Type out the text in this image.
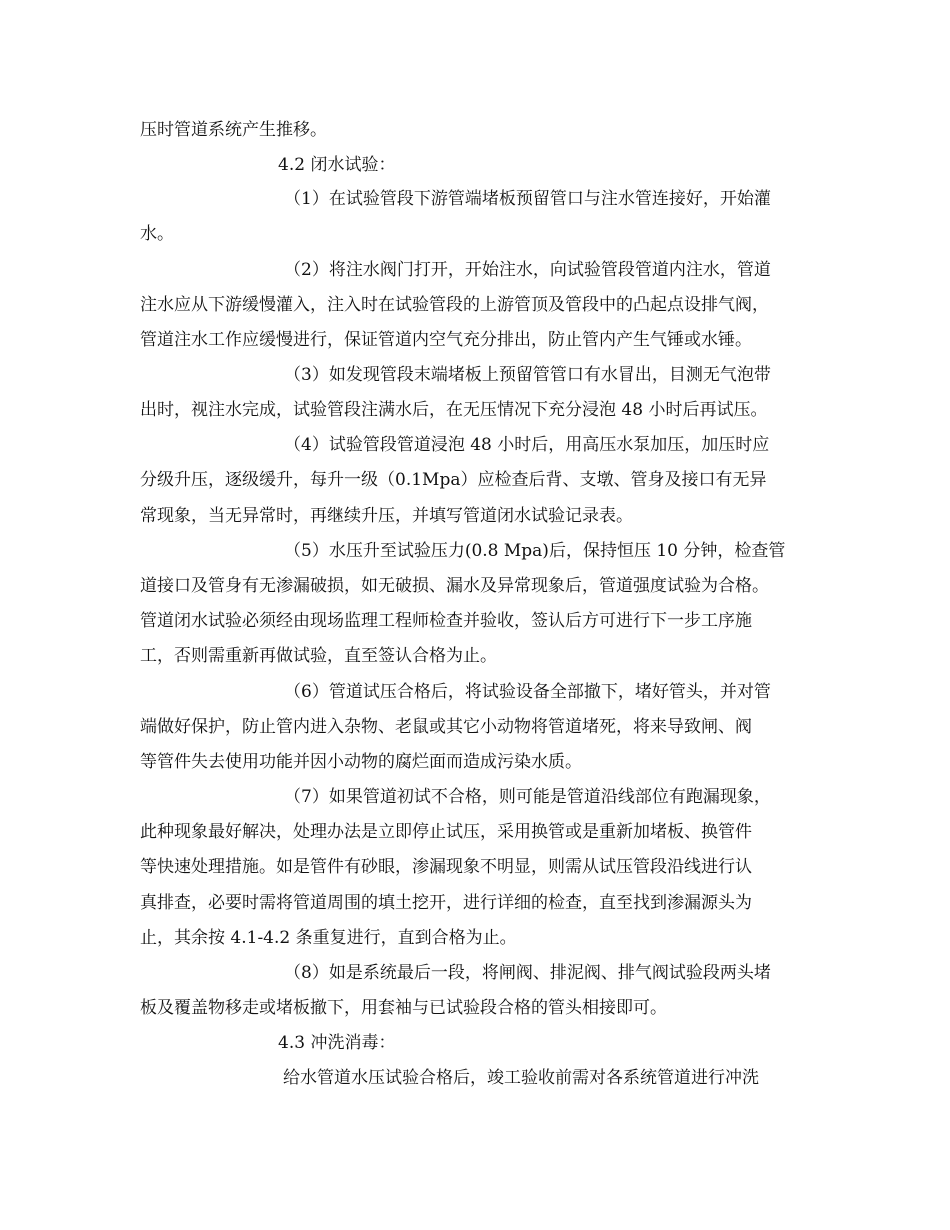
压时管道系统产生推移。
4.2 闭水试验：
（1）在试验管段下游管端堵板预留管口与注水管连接好，开始灌
水。
（2）将注水阀门打开，开始注水，向试验管段管道内注水，管道
注水应从下游缓慢灌入，注入时在试验管段的上游管顶及管段中的凸起点设排气阀，
管道注水工作应缓慢进行，保证管道内空气充分排出，防止管内产生气锤或水锤。
（3）如发现管段末端堵板上预留管管口有水冒出，目测无气泡带
出时，视注水完成，试验管段注满水后，在无压情况下充分浸泡 48 小时后再试压。
（4）试验管段管道浸泡 48 小时后，用高压水泵加压，加压时应
分级升压，逐级缓升，每升一级（0.1Mpa）应检查后背、支墩、管身及接口有无异
常现象，当无异常时，再继续升压，并填写管道闭水试验记录表。
（5）水压升至试验压力(0.8 Mpa)后，保持恒压 10 分钟，检查管
道接口及管身有无渗漏破损，如无破损、漏水及异常现象后，管道强度试验为合格。
管道闭水试验必须经由现场监理工程师检查并验收，签认后方可进行下一步工序施
工，否则需重新再做试验，直至签认合格为止。
（6）管道试压合格后，将试验设备全部撤下，堵好管头，并对管
端做好保护，防止管内进入杂物、老鼠或其它小动物将管道堵死，将来导致闸、阀
等管件失去使用功能并因小动物的腐烂面而造成污染水质。
（7）如果管道初试不合格，则可能是管道沿线部位有跑漏现象，
此种现象最好解决，处理办法是立即停止试压，采用换管或是重新加堵板、换管件
等快速处理措施。如是管件有砂眼，渗漏现象不明显，则需从试压管段沿线进行认
真排查，必要时需将管道周围的填土挖开，进行详细的检查，直至找到渗漏源头为
止，其余按 4.1-4.2 条重复进行，直到合格为止。
（8）如是系统最后一段，将闸阀、排泥阀、排气阀试验段两头堵
板及覆盖物移走或堵板撤下，用套袖与已试验段合格的管头相接即可。
4.3 冲洗消毒：
给水管道水压试验合格后，竣工验收前需对各系统管道进行冲洗
